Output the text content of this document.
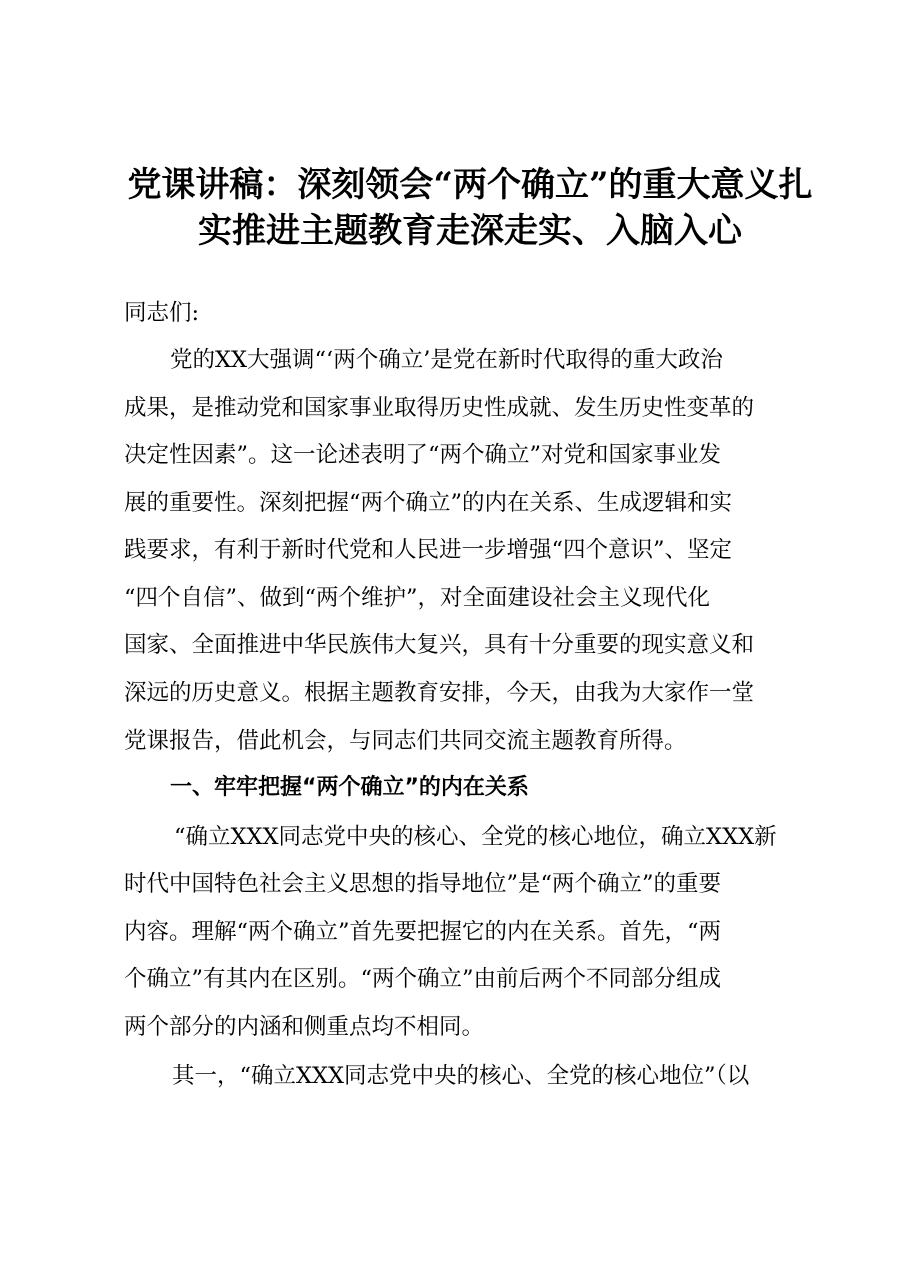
党课讲稿：深刻领会“两个确立”的重大意义扎
实推进主题教育走深走实、入脑入心
同志们:
党的XX大强调“‘两个确立’是党在新时代取得的重大政治
成果，是推动党和国家事业取得历史性成就、发生历史性变革的
决定性因素”。这一论述表明了“两个确立”对党和国家事业发
展的重要性。深刻把握“两个确立”的内在关系、生成逻辑和实
践要求，有利于新时代党和人民进一步增强“四个意识”、坚定
“四个自信”、做到“两个维护”，对全面建设社会主义现代化
国家、全面推进中华民族伟大复兴，具有十分重要的现实意义和
深远的历史意义。根据主题教育安排，今天，由我为大家作一堂
党课报告，借此机会，与同志们共同交流主题教育所得。
一、牢牢把握“两个确立”的内在关系
“确立XXX同志党中央的核心、全党的核心地位，确立XXX新
时代中国特色社会主义思想的指导地位”是“两个确立”的重要
内容。理解“两个确立”首先要把握它的内在关系。首先，“两
个确立”有其内在区别。“两个确立”由前后两个不同部分组成
两个部分的内涵和侧重点均不相同。
其一，“确立XXX同志党中央的核心、全党的核心地位”（以
